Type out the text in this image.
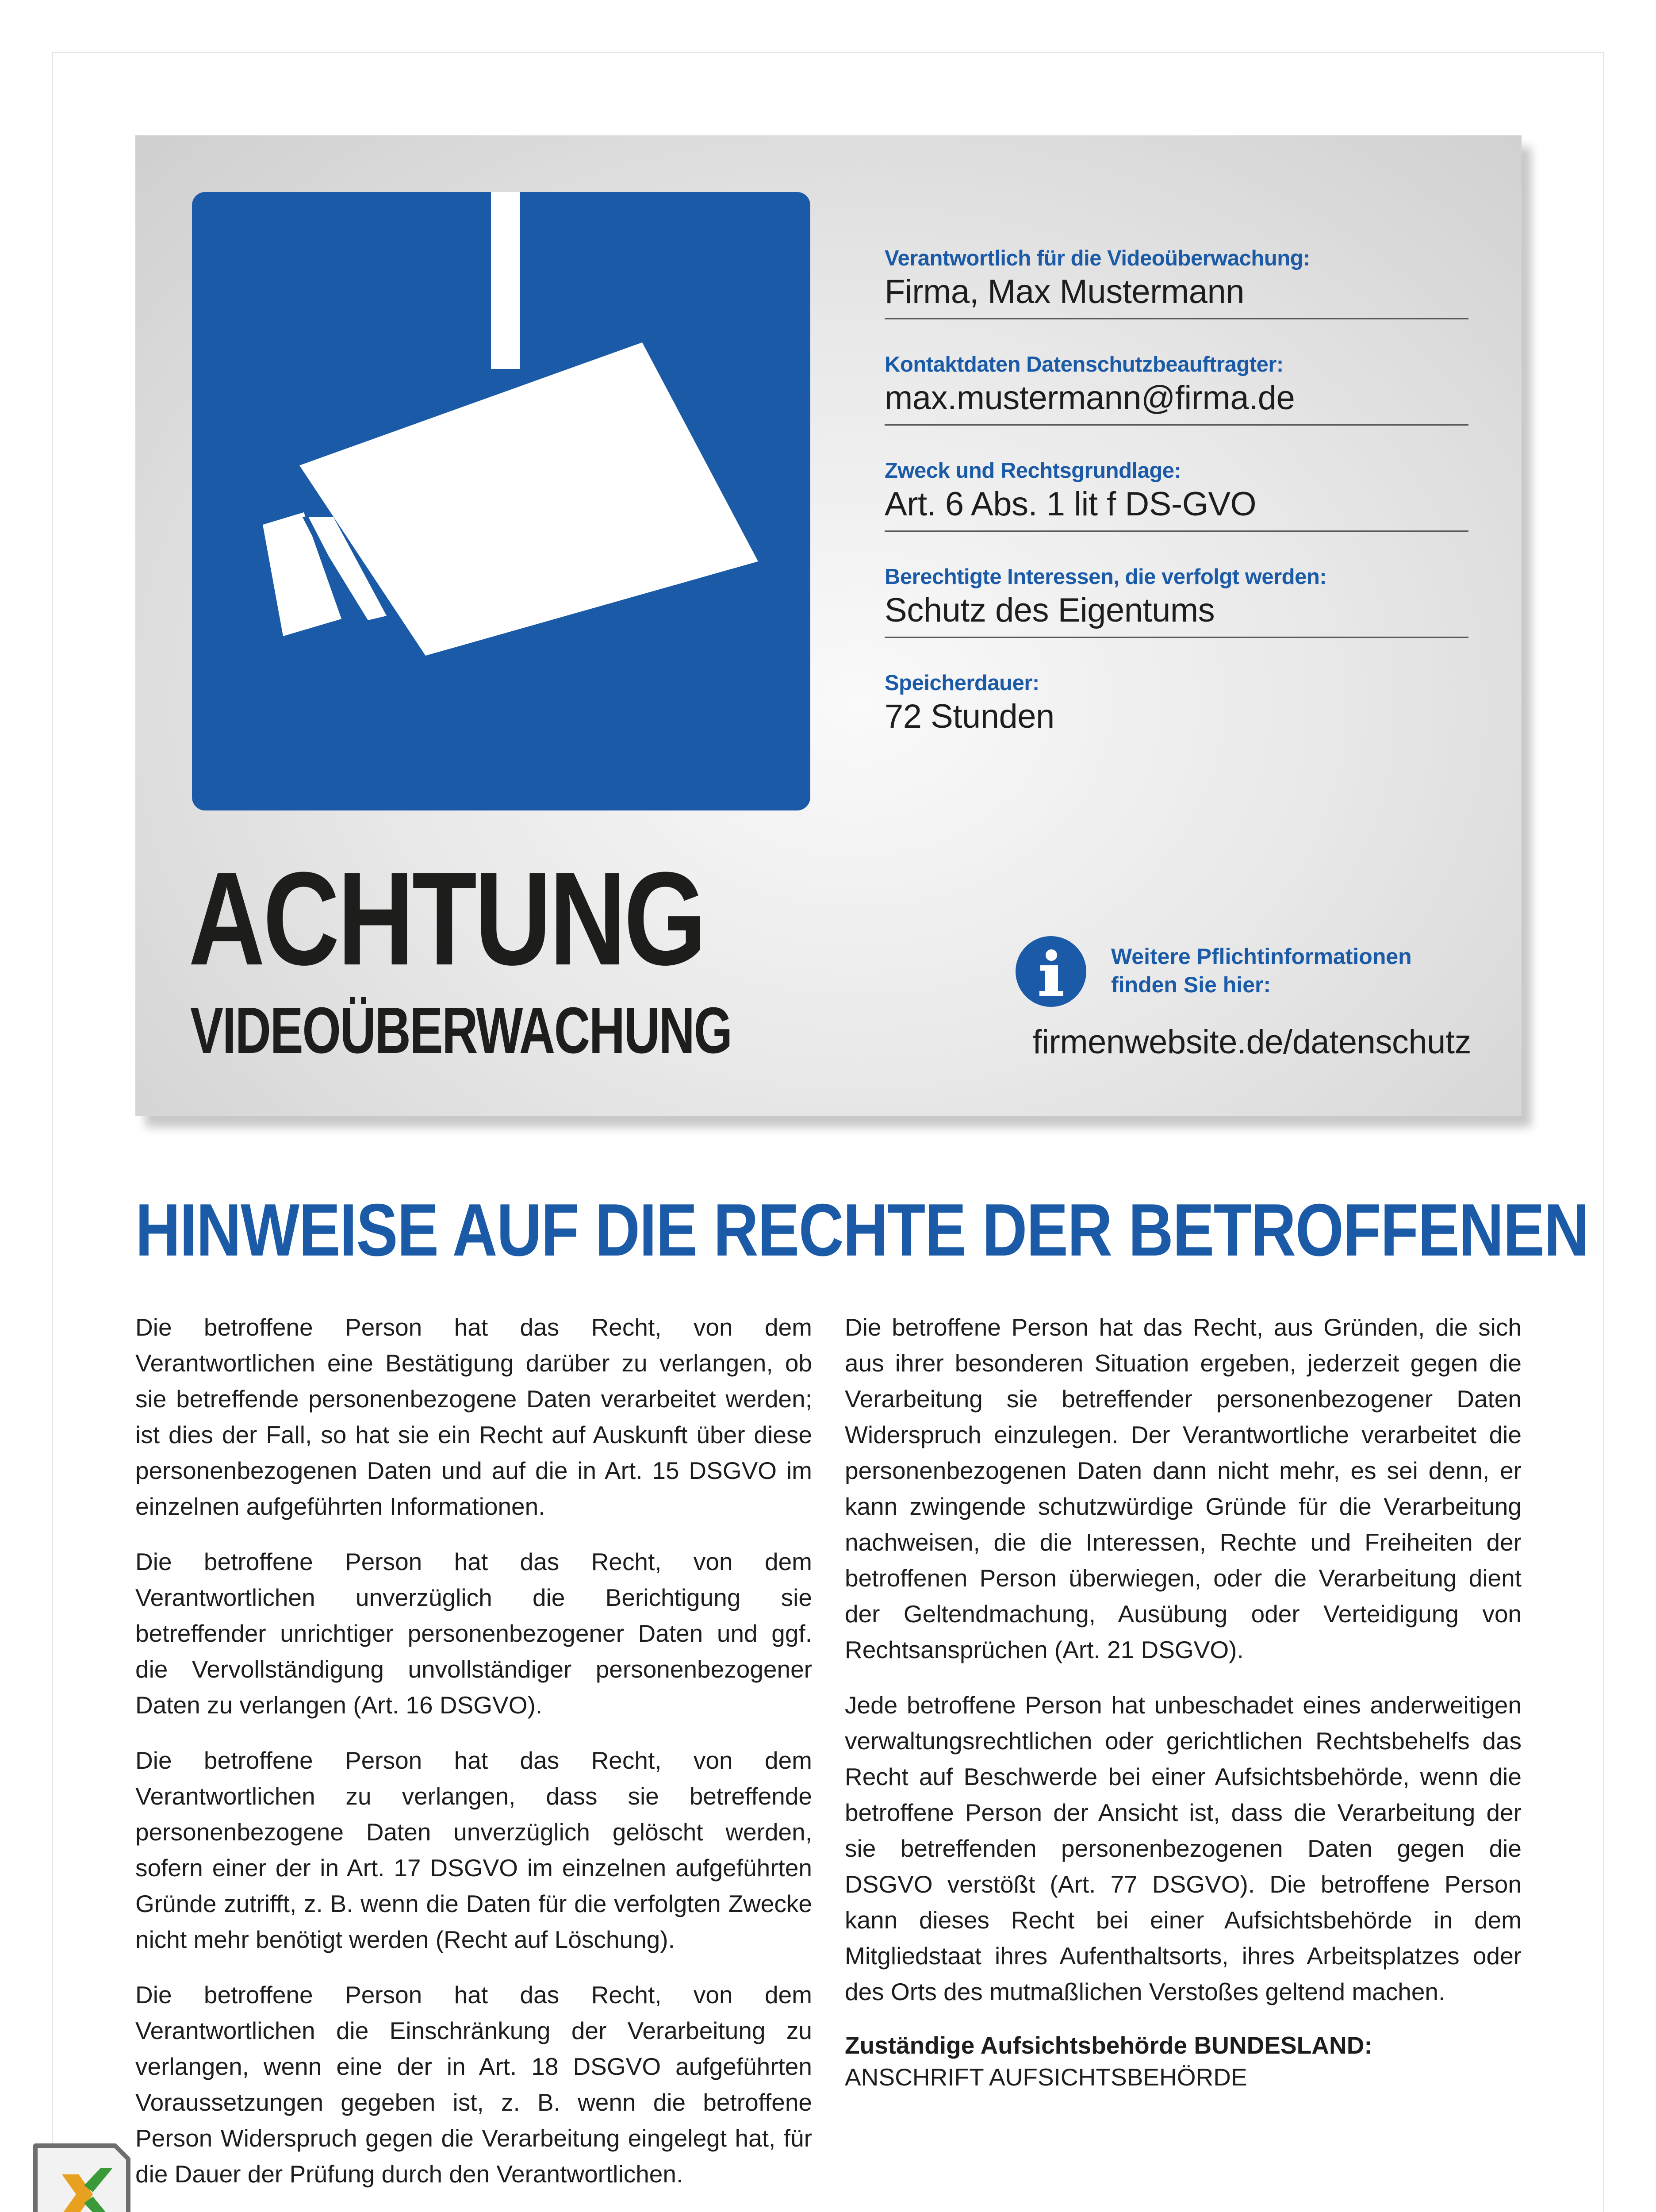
Verantwortlich für die Videoüberwachung:
Firma, Max Mustermann
Kontaktdaten Datenschutzbeauftragter:
max.mustermann@firma.de
Zweck und Rechtsgrundlage:
Art. 6 Abs. 1 lit f DS-GVO
Berechtigte Interessen, die verfolgt werden:
Schutz des Eigentums
Speicherdauer:
72 Stunden
ACHTUNG
VIDEOÜBERWACHUNG
Weitere Pflichtinformationen
finden Sie hier:
firmenwebsite.de/datenschutz
HINWEISE AUF DIE RECHTE DER BETROFFENEN

Die betroffene Person hat das Recht, von dem Verantwortlichen eine Bestätigung darüber zu verlangen, ob sie betreffende personenbezogene Daten verarbeitet werden; ist dies der Fall, so hat sie ein Recht auf Auskunft über diese personenbezogenen Daten und auf die in Art. 15 DSGVO im einzelnen aufgeführten Informationen.

Die betroffene Person hat das Recht, von dem Verantwortlichen unverzüglich die Berichtigung sie betreffender unrichtiger personenbezogener Daten und ggf. die Vervollständigung unvollständiger personenbezogener Daten zu verlangen (Art. 16 DSGVO).

Die betroffene Person hat das Recht, von dem Verantwortlichen zu verlangen, dass sie betreffende personenbezogene Daten unverzüglich gelöscht werden, sofern einer der in Art. 17 DSGVO im einzelnen aufgeführten Gründe zutrifft, z. B. wenn die Daten für die verfolgten Zwecke nicht mehr benötigt werden (Recht auf Löschung).

Die betroffene Person hat das Recht, von dem Verantwortlichen die Einschränkung der Verarbeitung zu verlangen, wenn eine der in Art. 18 DSGVO aufgeführten Voraussetzungen gegeben ist, z. B. wenn die betroffene Person Widerspruch gegen die Verarbeitung eingelegt hat, für die Dauer der Prüfung durch den Verantwortlichen.

Die betroffene Person hat das Recht, aus Gründen, die sich aus ihrer besonderen Situation ergeben, jederzeit gegen die Verarbeitung sie betreffender personenbezogener Daten Widerspruch einzulegen. Der Verantwortliche verarbeitet die personenbezogenen Daten dann nicht mehr, es sei denn, er kann zwingende schutzwürdige Gründe für die Verarbeitung nachweisen, die die Interessen, Rechte und Freiheiten der betroffenen Person überwiegen, oder die Verarbeitung dient der Geltendmachung, Ausübung oder Verteidigung von Rechtsansprüchen (Art. 21 DSGVO).

Jede betroffene Person hat unbeschadet eines anderweitigen verwaltungsrechtlichen oder gerichtlichen Rechtsbehelfs das Recht auf Beschwerde bei einer Aufsichtsbehörde, wenn die betroffene Person der Ansicht ist, dass die Verarbeitung der sie betreffenden personenbezogenen Daten gegen die DSGVO verstößt (Art. 77 DSGVO). Die betroffene Person kann dieses Recht bei einer Aufsichtsbehörde in dem Mitgliedstaat ihres Aufenthaltsorts, ihres Arbeitsplatzes oder des Orts des mutmaßlichen Verstoßes geltend machen.

Zuständige Aufsichtsbehörde BUNDESLAND:

ANSCHRIFT AUFSICHTSBEHÖRDE
